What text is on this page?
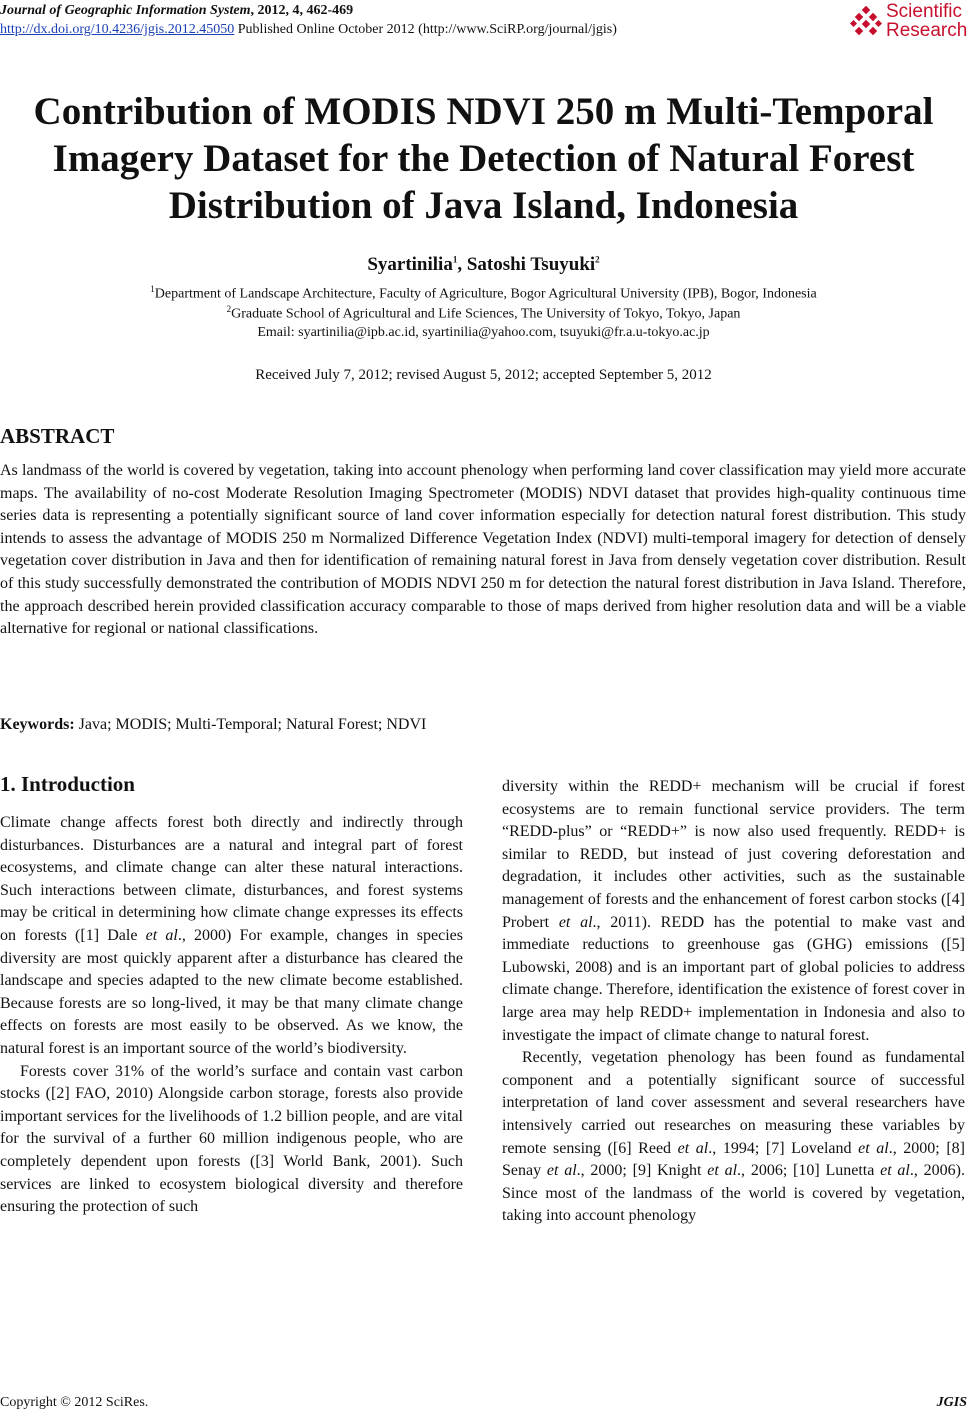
Journal of Geographic Information System, 2012, 4, 462-469
http://dx.doi.org/10.4236/jgis.2012.45050 Published Online October 2012 (http://www.SciRP.org/journal/jgis)
Scientific
Research
Contribution of MODIS NDVI 250 m Multi-Temporal
Imagery Dataset for the Detection of Natural Forest
Distribution of Java Island, Indonesia
Syartinilia$^1$, Satoshi Tsuyuki$^2$
$^1$Department of Landscape Architecture, Faculty of Agriculture, Bogor Agricultural University (IPB), Bogor, Indonesia
$^2$Graduate School of Agricultural and Life Sciences, The University of Tokyo, Tokyo, Japan
Email: syartinilia@ipb.ac.id, syartinilia@yahoo.com, tsuyuki@fr.a.u-tokyo.ac.jp
Received July 7, 2012; revised August 5, 2012; accepted September 5, 2012
ABSTRACT
As landmass of the world is covered by vegetation, taking into account phenology when performing land cover classification may yield more accurate maps. The availability of no-cost Moderate Resolution Imaging Spectrometer (MODIS) NDVI dataset that provides high-quality continuous time series data is representing a potentially significant source of land cover information especially for detection natural forest distribution. This study intends to assess the advantage of MODIS 250 m Normalized Difference Vegetation Index (NDVI) multi-temporal imagery for detection of densely vegetation cover distribution in Java and then for identification of remaining natural forest in Java from densely vegetation cover distribution. Result of this study successfully demonstrated the contribution of MODIS NDVI 250 m for detection the natural forest distribution in Java Island. Therefore, the approach described herein provided classification accuracy comparable to those of maps derived from higher resolution data and will be a viable alternative for regional or national classifications.
Keywords: Java; MODIS; Multi-Temporal; Natural Forest; NDVI
1. Introduction

Climate change affects forest both directly and indirectly through disturbances. Disturbances are a natural and integral part of forest ecosystems, and climate change can alter these natural interactions. Such interactions between climate, disturbances, and forest systems may be critical in determining how climate change expresses its effects on forests ([1] Dale et al., 2000) For example, changes in species diversity are most quickly apparent after a disturbance has cleared the landscape and species adapted to the new climate become established. Because forests are so long-lived, it may be that many climate change effects on forests are most easily to be observed. As we know, the natural forest is an important source of the world’s biodiversity.

Forests cover 31% of the world’s surface and contain vast carbon stocks ([2] FAO, 2010) Alongside carbon storage, forests also provide important services for the livelihoods of 1.2 billion people, and are vital for the survival of a further 60 million indigenous people, who are completely dependent upon forests ([3] World Bank, 2001). Such services are linked to ecosystem biological diversity and therefore ensuring the protection of such

diversity within the REDD+ mechanism will be crucial if forest ecosystems are to remain functional service providers. The term “REDD-plus” or “REDD+” is now also used frequently. REDD+ is similar to REDD, but instead of just covering deforestation and degradation, it includes other activities, such as the sustainable management of forests and the enhancement of forest carbon stocks ([4] Probert et al., 2011). REDD has the potential to make vast and immediate reductions to greenhouse gas (GHG) emissions ([5] Lubowski, 2008) and is an important part of global policies to address climate change. Therefore, identification the existence of forest cover in large area may help REDD+ implementation in Indonesia and also to investigate the impact of climate change to natural forest.

Recently, vegetation phenology has been found as fundamental component and a potentially significant source of successful interpretation of land cover assessment and several researchers have intensively carried out researches on measuring these variables by remote sensing ([6] Reed et al., 1994; [7] Loveland et al., 2000; [8] Senay et al., 2000; [9] Knight et al., 2006; [10] Lunetta et al., 2006). Since most of the landmass of the world is covered by vegetation, taking into account phenology

Copyright © 2012 SciRes.	JGIS
